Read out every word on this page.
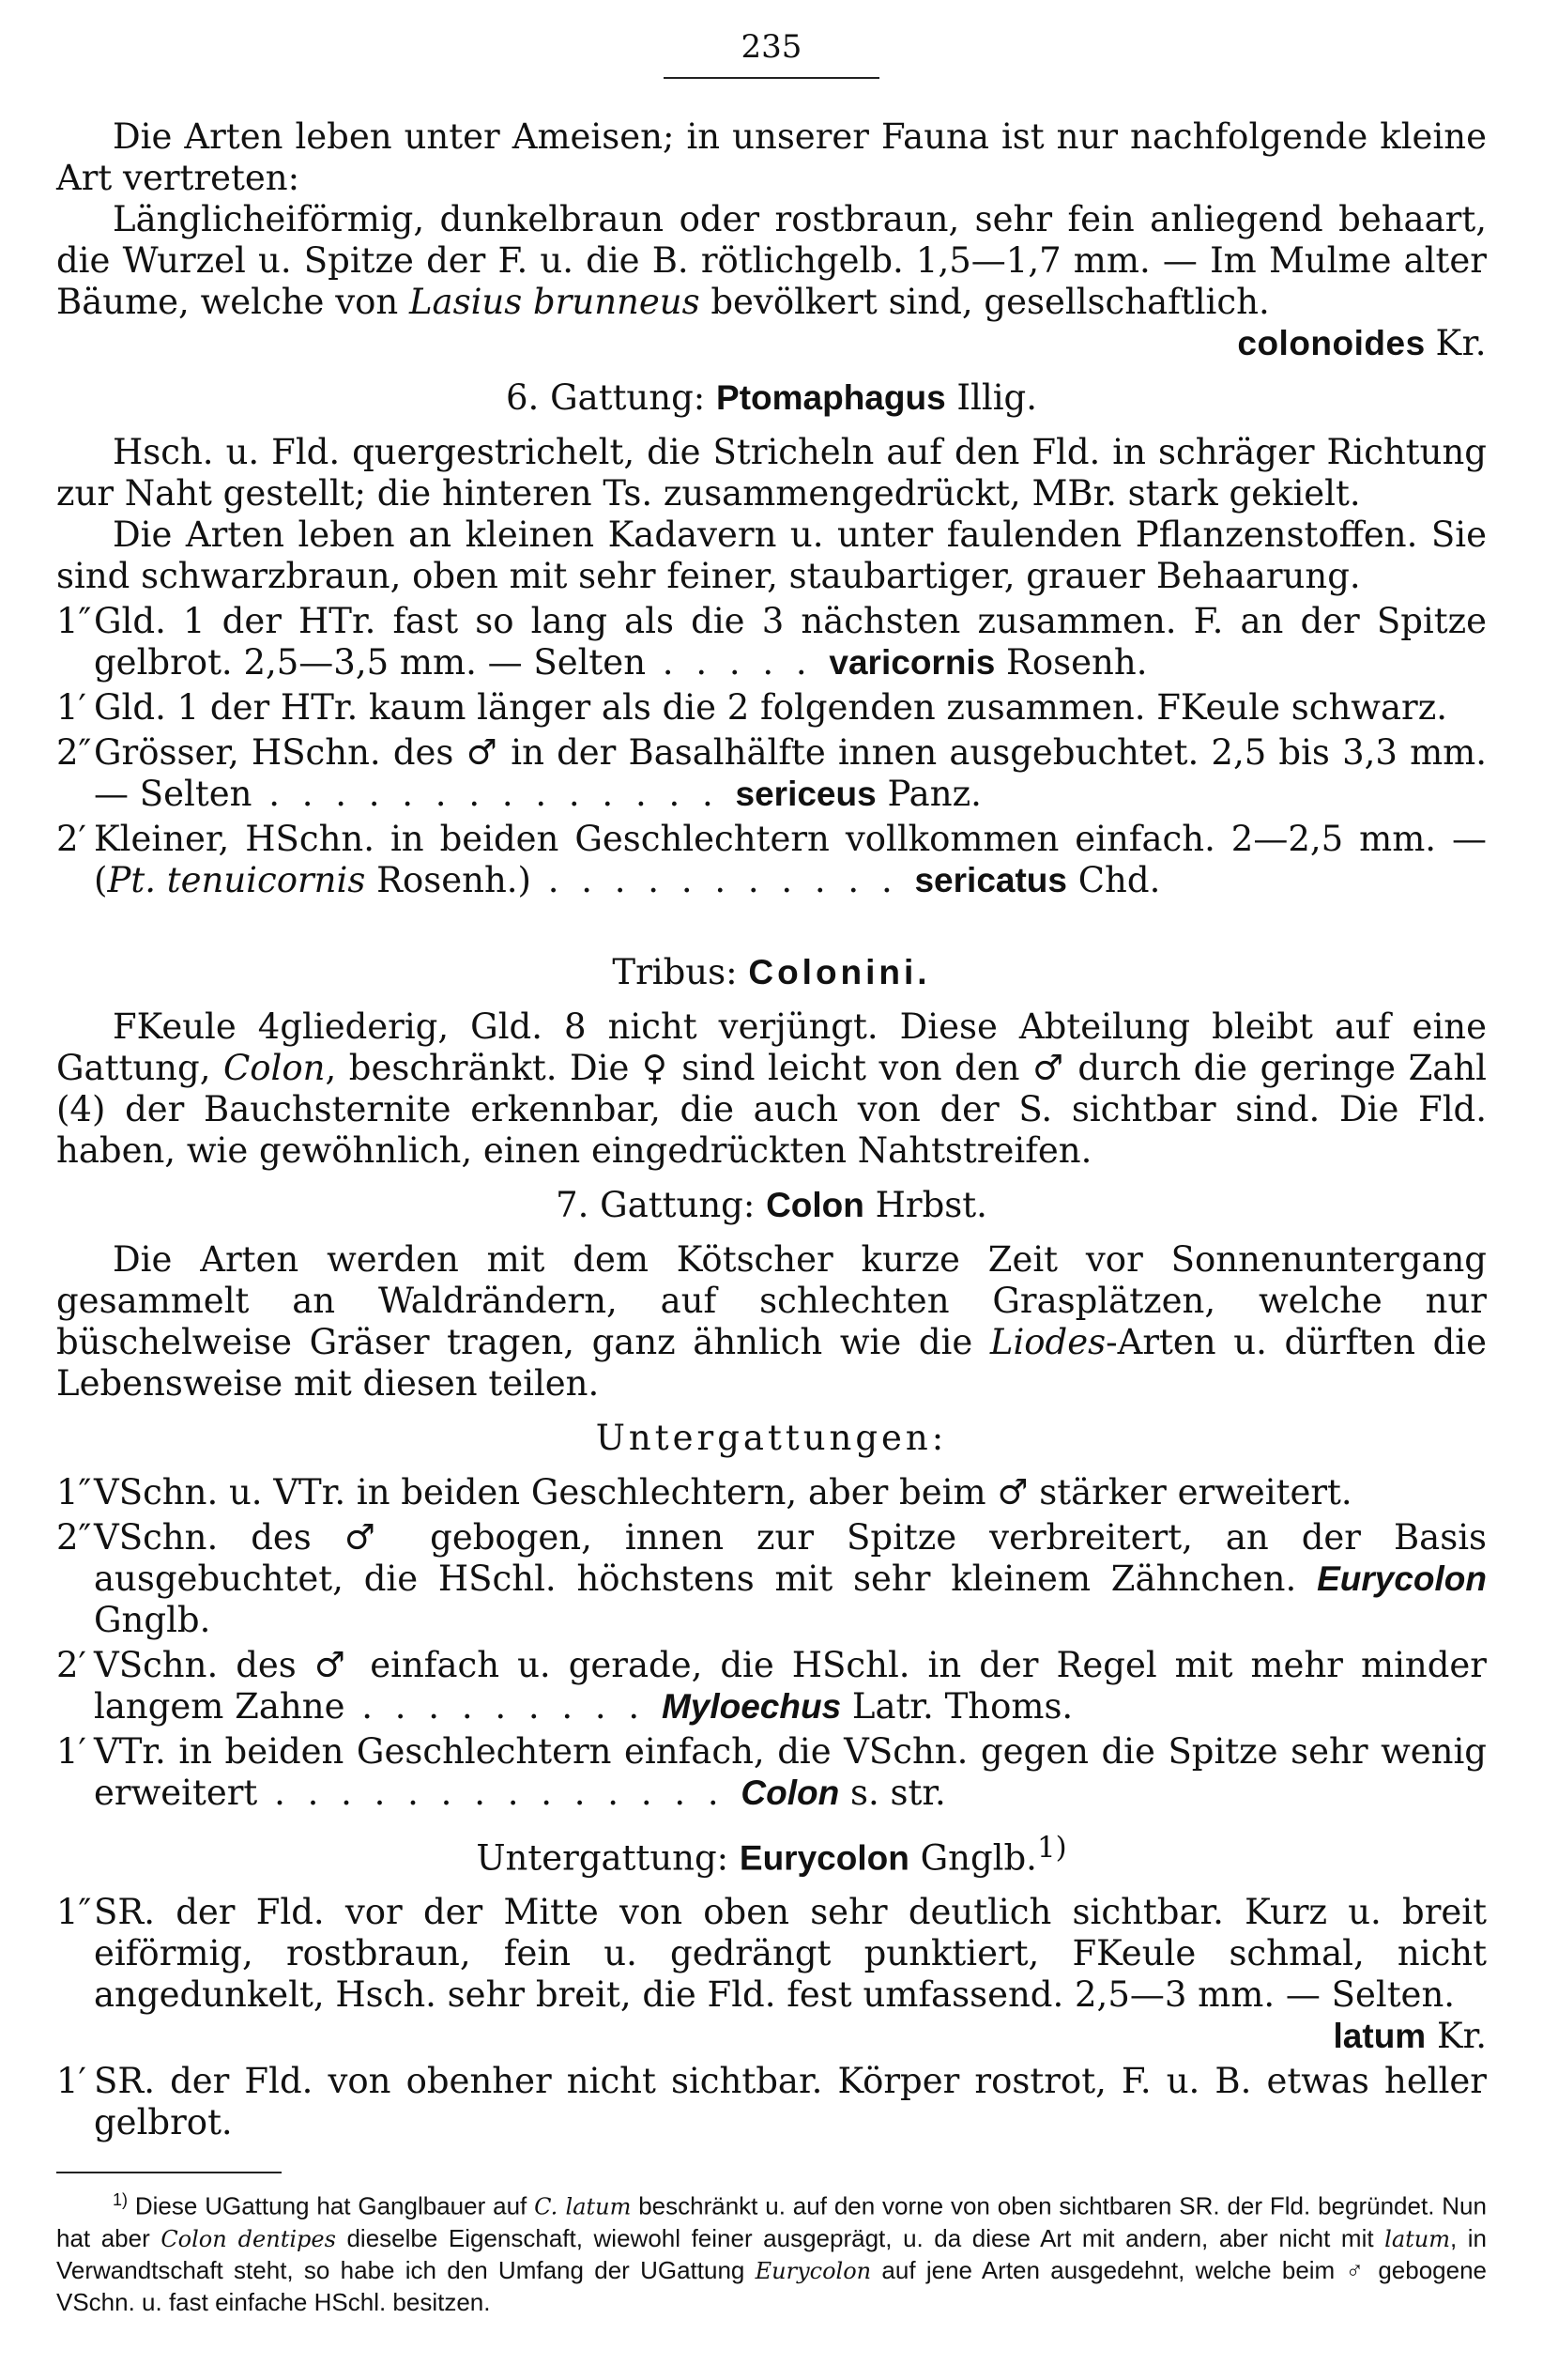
235

Die Arten leben unter Ameisen; in unserer Fauna ist nur nachfolgende kleine Art vertreten:

Länglicheiförmig, dunkelbraun oder rostbraun, sehr fein anliegend behaart, die Wurzel u. Spitze der F. u. die B. rötlichgelb. 1,5—1,7 mm. — Im Mulme alter Bäume, welche von Lasius brunneus bevölkert sind, gesellschaftlich.

colonoides Kr.

6. Gattung: Ptomaphagus Illig.

Hsch. u. Fld. quergestrichelt, die Stricheln auf den Fld. in schräger Richtung zur Naht gestellt; die hinteren Ts. zusammengedrückt, MBr. stark gekielt.

Die Arten leben an kleinen Kadavern u. unter faulenden Pflanzenstoffen. Sie sind schwarzbraun, oben mit sehr feiner, staubartiger, grauer Behaarung.

1″ Gld. 1 der HTr. fast so lang als die 3 nächsten zusammen. F. an der Spitze gelbrot. 2,5—3,5 mm. — Selten . . . . . varicornis Rosenh.
1′ Gld. 1 der HTr. kaum länger als die 2 folgenden zusammen. FKeule schwarz.
2″ Grösser, HSchn. des ♂ in der Basalhälfte innen ausgebuchtet. 2,5 bis 3,3 mm. — Selten . . . . . . . . . . . . . . sericeus Panz.
2′ Kleiner, HSchn. in beiden Geschlechtern vollkommen einfach. 2—2,5 mm. — (Pt. tenuicornis Rosenh.) . . . . . . . . . . . sericatus Chd.
Tribus: Colonini.

FKeule 4gliederig, Gld. 8 nicht verjüngt. Diese Abteilung bleibt auf eine Gattung, Colon, beschränkt. Die ♀ sind leicht von den ♂ durch die geringe Zahl (4) der Bauchsternite erkennbar, die auch von der S. sichtbar sind. Die Fld. haben, wie gewöhnlich, einen eingedrückten Nahtstreifen.

7. Gattung: Colon Hrbst.

Die Arten werden mit dem Kötscher kurze Zeit vor Sonnenuntergang gesammelt an Waldrändern, auf schlechten Grasplätzen, welche nur büschelweise Gräser tragen, ganz ähnlich wie die Liodes-Arten u. dürften die Lebensweise mit diesen teilen.

Untergattungen:
1″ VSchn. u. VTr. in beiden Geschlechtern, aber beim ♂ stärker erweitert.
2″ VSchn. des ♂ gebogen, innen zur Spitze verbreitert, an der Basis ausgebuchtet, die HSchl. höchstens mit sehr kleinem Zähnchen. Eurycolon Gnglb.
2′ VSchn. des ♂ einfach u. gerade, die HSchl. in der Regel mit mehr minder langem Zahne . . . . . . . . . Myloechus Latr. Thoms.
1′ VTr. in beiden Geschlechtern einfach, die VSchn. gegen die Spitze sehr wenig erweitert . . . . . . . . . . . . . . Colon s. str.
Untergattung: Eurycolon Gnglb.$^{1)}$
1″ SR. der Fld. vor der Mitte von oben sehr deutlich sichtbar. Kurz u. breit eiförmig, rostbraun, fein u. gedrängt punktiert, FKeule schmal, nicht angedunkelt, Hsch. sehr breit, die Fld. fest umfassend. 2,5—3 mm. — Selten.

latum Kr.
1′ SR. der Fld. von obenher nicht sichtbar. Körper rostrot, F. u. B. etwas heller gelbrot.

$^{1)}$ Diese UGattung hat Ganglbauer auf C. latum beschränkt u. auf den vorne von oben sichtbaren SR. der Fld. begründet. Nun hat aber Colon dentipes dieselbe Eigenschaft, wiewohl feiner ausgeprägt, u. da diese Art mit andern, aber nicht mit latum, in Verwandtschaft steht, so habe ich den Umfang der UGattung Eurycolon auf jene Arten ausgedehnt, welche beim ♂ gebogene VSchn. u. fast einfache HSchl. besitzen.
